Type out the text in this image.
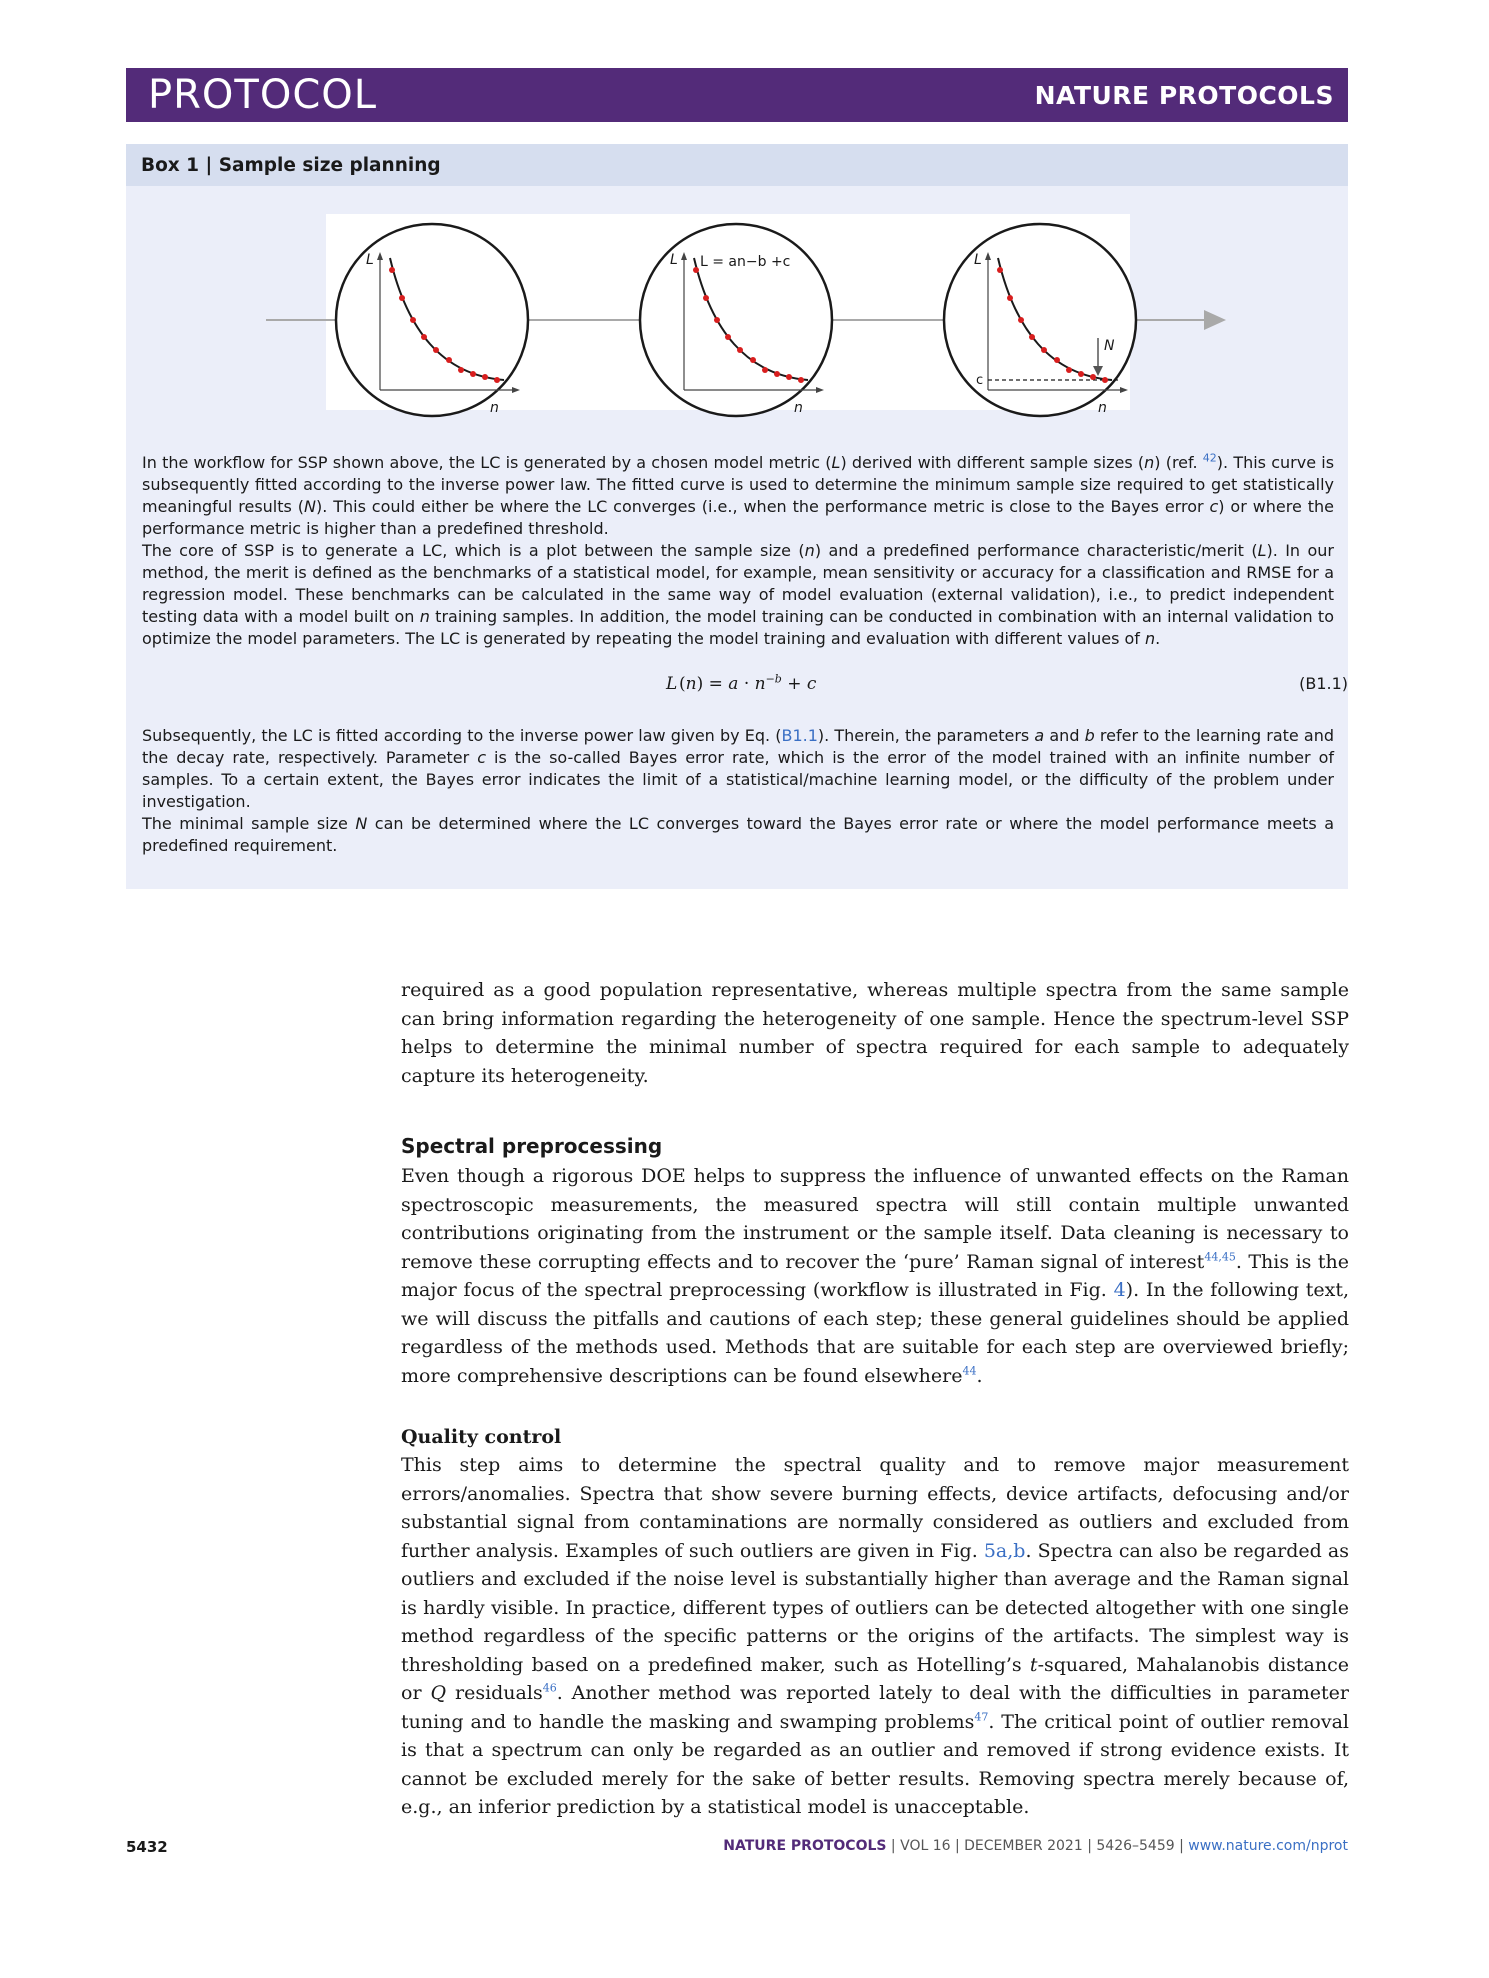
PROTOCOL	NATURE PROTOCOLS
Box 1 | Sample size planning
L
n
L
n
L = an−b +c
N
L
n
c

In the workflow for SSP shown above, the LC is generated by a chosen model metric (L) derived with different sample sizes (n) (ref. $^{42}$). This curve is subsequently fitted according to the inverse power law. The fitted curve is used to determine the minimum sample size required to get statistically meaningful results (N). This could either be where the LC converges (i.e., when the performance metric is close to the Bayes error c) or where the performance metric is higher than a predefined threshold.

The core of SSP is to generate a LC, which is a plot between the sample size (n) and a predefined performance characteristic/merit (L). In our method, the merit is defined as the benchmarks of a statistical model, for example, mean sensitivity or accuracy for a classification and RMSE for a regression model. These benchmarks can be calculated in the same way of model evaluation (external validation), i.e., to predict independent testing data with a model built on n training samples. In addition, the model training can be conducted in combination with an internal validation to optimize the model parameters. The LC is generated by repeating the model training and evaluation with different values of n.

L $(n) = a \cdot n^{-b} + c$	(B1.1)

Subsequently, the LC is fitted according to the inverse power law given by Eq. (B1.1). Therein, the parameters a and b refer to the learning rate and the decay rate, respectively. Parameter c is the so-called Bayes error rate, which is the error of the model trained with an infinite number of samples. To a certain extent, the Bayes error indicates the limit of a statistical/machine learning model, or the difficulty of the problem under investigation.

The minimal sample size N can be determined where the LC converges toward the Bayes error rate or where the model performance meets a predefined requirement.

required as a good population representative, whereas multiple spectra from the same sample can bring information regarding the heterogeneity of one sample. Hence the spectrum-level SSP helps to determine the minimal number of spectra required for each sample to adequately capture its heterogeneity.

Spectral preprocessing

Even though a rigorous DOE helps to suppress the influence of unwanted effects on the Raman spectroscopic measurements, the measured spectra will still contain multiple unwanted contributions originating from the instrument or the sample itself. Data cleaning is necessary to remove these corrupting effects and to recover the ‘pure’ Raman signal of interest$^{44,45}$. This is the major focus of the spectral preprocessing (workflow is illustrated in Fig. 4). In the following text, we will discuss the pitfalls and cautions of each step; these general guidelines should be applied regardless of the methods used. Methods that are suitable for each step are overviewed briefly; more comprehensive descriptions can be found elsewhere$^{44}$.

Quality control

This step aims to determine the spectral quality and to remove major measurement errors/anomalies. Spectra that show severe burning effects, device artifacts, defocusing and/or substantial signal from contaminations are normally considered as outliers and excluded from further analysis. Examples of such outliers are given in Fig. 5a,b. Spectra can also be regarded as outliers and excluded if the noise level is substantially higher than average and the Raman signal is hardly visible. In practice, different types of outliers can be detected altogether with one single method regardless of the specific patterns or the origins of the artifacts. The simplest way is thresholding based on a predefined maker, such as Hotelling’s t-squared, Mahalanobis distance or Q residuals$^{46}$. Another method was reported lately to deal with the difficulties in parameter tuning and to handle the masking and swamping problems$^{47}$. The critical point of outlier removal is that a spectrum can only be regarded as an outlier and removed if strong evidence exists. It cannot be excluded merely for the sake of better results. Removing spectra merely because of, e.g., an inferior prediction by a statistical model is unacceptable.

5432	NATURE PROTOCOLS | VOL 16 | DECEMBER 2021 | 5426–5459 | www.nature.com/nprot
